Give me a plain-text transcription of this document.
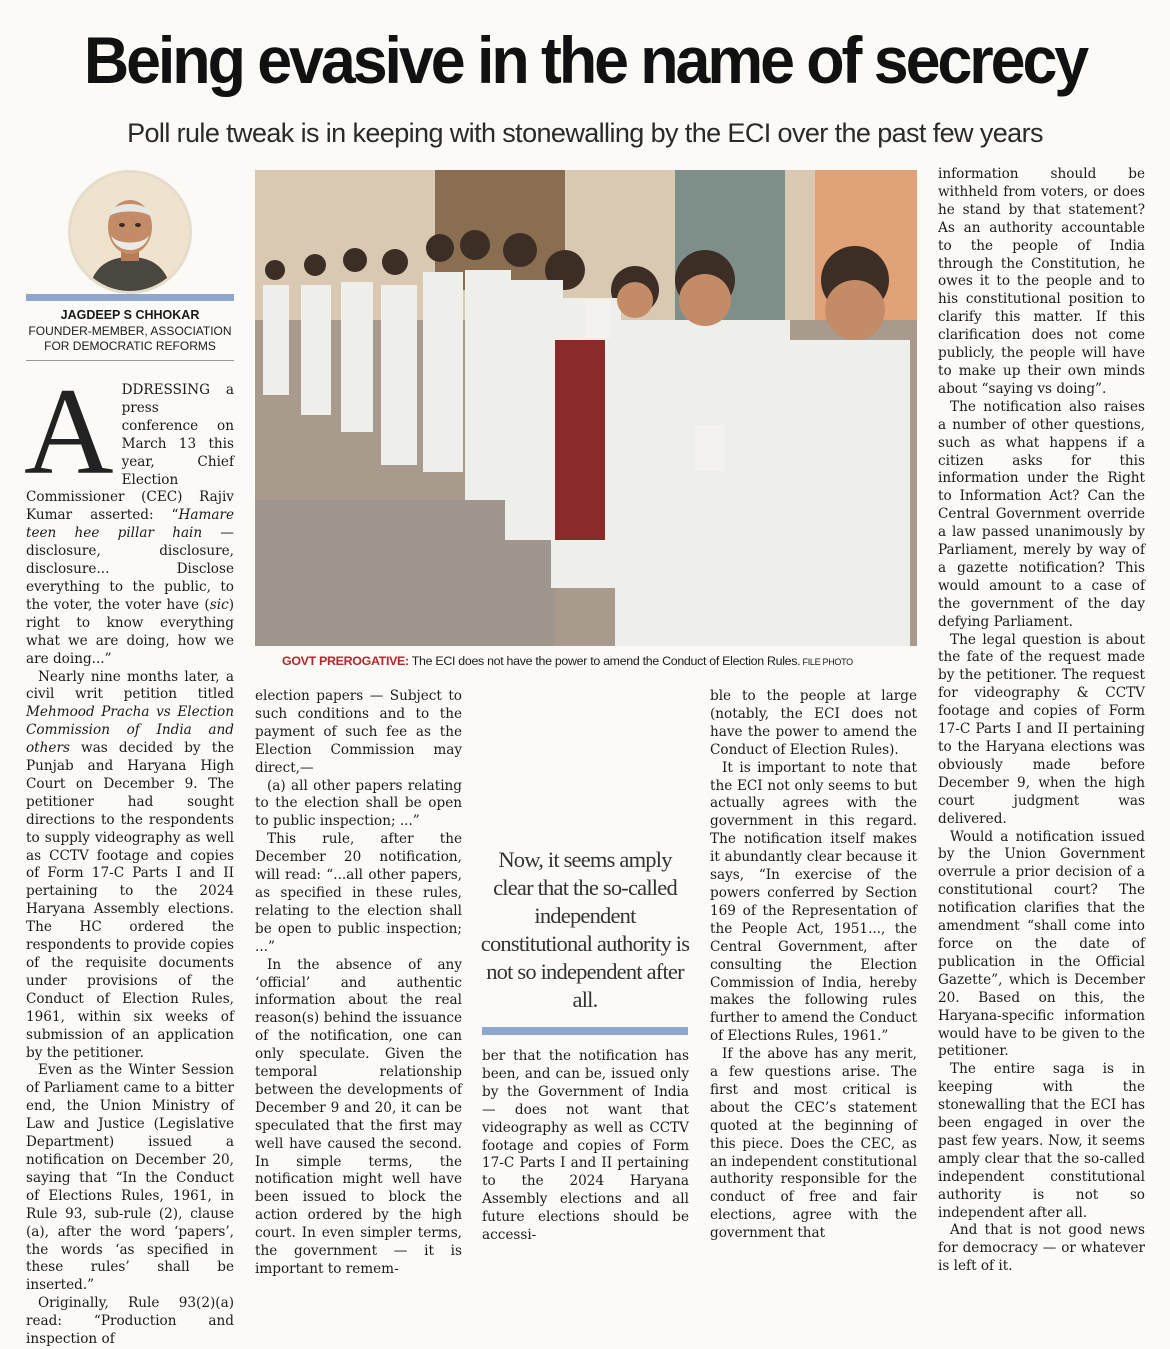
Being evasive in the name of secrecy
Poll rule tweak is in keeping with stonewalling by the ECI over the past few years
JAGDEEP S CHHOKAR
FOUNDER-MEMBER, ASSOCIATION
FOR DEMOCRATIC REFORMS

ADDRESSING a press conference on March 13 this year, Chief Election Commissioner (CEC) Rajiv Kumar asserted: “Hamare teen hee pillar hain — disclosure, disclosure, disclosure... Disclose everything to the public, to the voter, the voter have (sic) right to know everything what we are doing, how we are doing...”

Nearly nine months later, a civil writ petition titled Mehmood Pracha vs Election Commission of India and others was decided by the Punjab and Haryana High Court on December 9. The petitioner had sought directions to the respondents to supply videography as well as CCTV footage and copies of Form 17-C Parts I and II pertaining to the 2024 Haryana Assembly elections. The HC ordered the respondents to provide copies of the requisite documents under provisions of the Conduct of Election Rules, 1961, within six weeks of submission of an application by the petitioner.

Even as the Winter Session of Parliament came to a bitter end, the Union Ministry of Law and Justice (Legislative Department) issued a notification on December 20, saying that “In the Conduct of Elections Rules, 1961, in Rule 93, sub-rule (2), clause (a), after the word ‘papers’, the words ‘as specified in these rules’ shall be inserted.”

Originally, Rule 93(2)(a) read: “Production and inspection of

GOVT PREROGATIVE: The ECI does not have the power to amend the Conduct of Election Rules. FILE PHOTO

election papers — Subject to such conditions and to the payment of such fee as the Election Commission may direct,—

(a) all other papers relating to the election shall be open to public inspection; ...”

This rule, after the December 20 notification, will read: “...all other papers, as specified in these rules, relating to the election shall be open to public inspection; ...”

In the absence of any ‘official’ and authentic information about the real reason(s) behind the issuance of the notification, one can only speculate. Given the temporal relationship between the developments of December 9 and 20, it can be speculated that the first may well have caused the second. In simple terms, the notification might well have been issued to block the action ordered by the high court. In even simpler terms, the government — it is important to remem-

Now, it seems amply clear that the so-called independent constitutional authority is not so independent after all.

ber that the notification has been, and can be, issued only by the Government of India — does not want that videography as well as CCTV footage and copies of Form 17-C Parts I and II pertaining to the 2024 Haryana Assembly elections and all future elections should be accessi-

ble to the people at large (notably, the ECI does not have the power to amend the Conduct of Election Rules).

It is important to note that the ECI not only seems to but actually agrees with the government in this regard. The notification itself makes it abundantly clear because it says, “In exercise of the powers conferred by Section 169 of the Representation of the People Act, 1951..., the Central Government, after consulting the Election Commission of India, hereby makes the following rules further to amend the Conduct of Elections Rules, 1961.”

If the above has any merit, a few questions arise. The first and most critical is about the CEC’s statement quoted at the beginning of this piece. Does the CEC, as an independent constitutional authority responsible for the conduct of free and fair elections, agree with the government that

information should be withheld from voters, or does he stand by that statement? As an authority accountable to the people of India through the Constitution, he owes it to the people and to his constitutional position to clarify this matter. If this clarification does not come publicly, the people will have to make up their own minds about “saying vs doing”.

The notification also raises a number of other questions, such as what happens if a citizen asks for this information under the Right to Information Act? Can the Central Government override a law passed unanimously by Parliament, merely by way of a gazette notification? This would amount to a case of the government of the day defying Parliament.

The legal question is about the fate of the request made by the petitioner. The request for videography & CCTV footage and copies of Form 17-C Parts I and II pertaining to the Haryana elections was obviously made before December 9, when the high court judgment was delivered.

Would a notification issued by the Union Government overrule a prior decision of a constitutional court? The notification clarifies that the amendment “shall come into force on the date of publication in the Official Gazette”, which is December 20. Based on this, the Haryana-specific information would have to be given to the petitioner.

The entire saga is in keeping with the stonewalling that the ECI has been engaged in over the past few years. Now, it seems amply clear that the so-called independent constitutional authority is not so independent after all.

And that is not good news for democracy — or whatever is left of it.
